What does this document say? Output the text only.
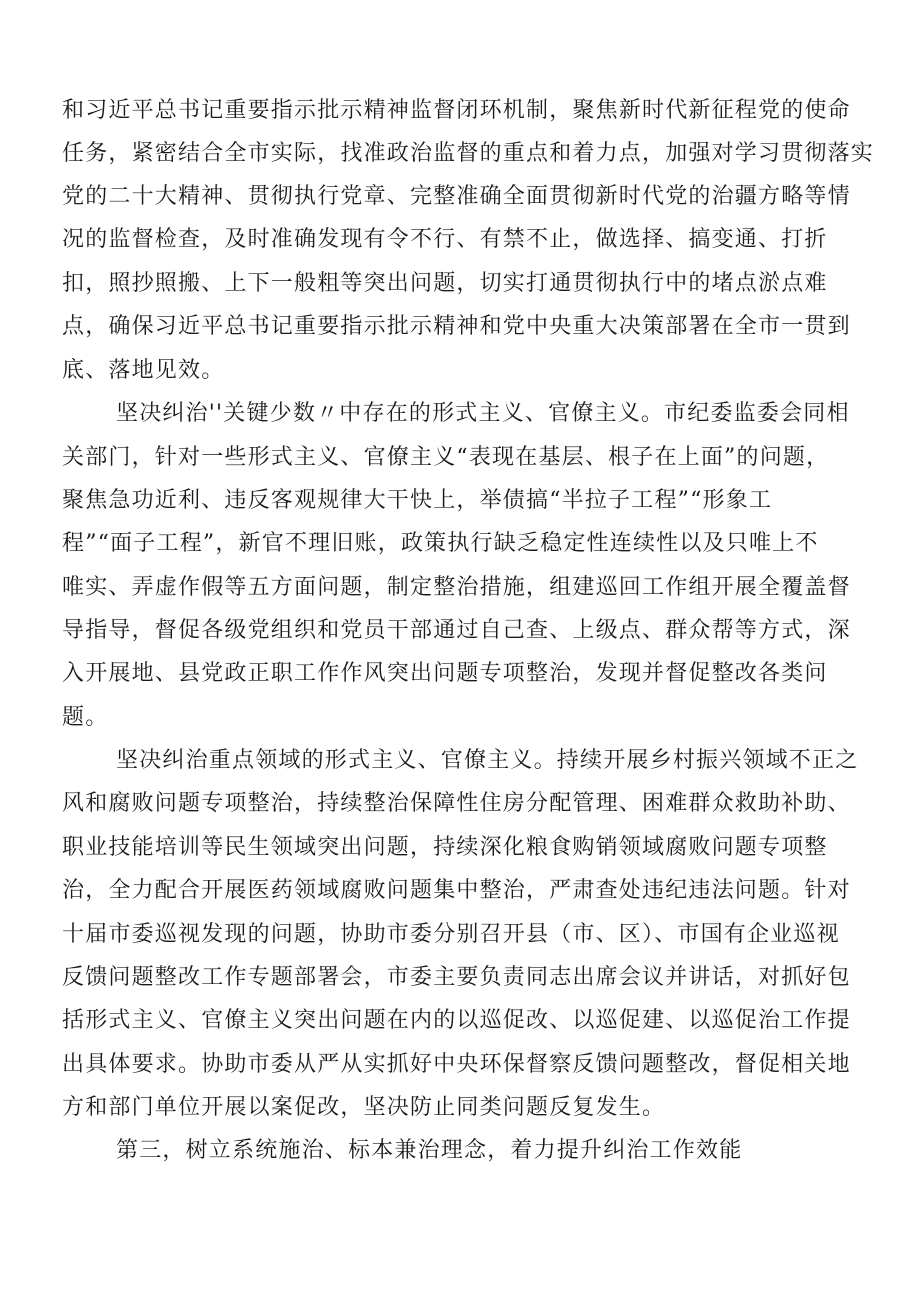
和习近平总书记重要指示批示精神监督闭环机制，聚焦新时代新征程党的使命
任务，紧密结合全市实际，找准政治监督的重点和着力点，加强对学习贯彻落实
党的二十大精神、贯彻执行党章、完整准确全面贯彻新时代党的治疆方略等情
况的监督检查，及时准确发现有令不行、有禁不止，做选择、搞变通、打折
扣，照抄照搬、上下一般粗等突出问题，切实打通贯彻执行中的堵点淤点难
点，确保习近平总书记重要指示批示精神和党中央重大决策部署在全市一贯到
底、落地见效。
坚决纠治''关键少数〃中存在的形式主义、官僚主义。市纪委监委会同相
关部门，针对一些形式主义、官僚主义“表现在基层、根子在上面”的问题，
聚焦急功近利、违反客观规律大干快上，举债搞“半拉子工程”“形象工
程”“面子工程”，新官不理旧账，政策执行缺乏稳定性连续性以及只唯上不
唯实、弄虚作假等五方面问题，制定整治措施，组建巡回工作组开展全覆盖督
导指导，督促各级党组织和党员干部通过自己查、上级点、群众帮等方式，深
入开展地、县党政正职工作作风突出问题专项整治，发现并督促整改各类问
题。
坚决纠治重点领域的形式主义、官僚主义。持续开展乡村振兴领域不正之
风和腐败问题专项整治，持续整治保障性住房分配管理、困难群众救助补助、
职业技能培训等民生领域突出问题，持续深化粮食购销领域腐败问题专项整
治，全力配合开展医药领域腐败问题集中整治，严肃查处违纪违法问题。针对
十届市委巡视发现的问题，协助市委分别召开县（市、区）、市国有企业巡视
反馈问题整改工作专题部署会，市委主要负责同志出席会议并讲话，对抓好包
括形式主义、官僚主义突出问题在内的以巡促改、以巡促建、以巡促治工作提
出具体要求。协助市委从严从实抓好中央环保督察反馈问题整改，督促相关地
方和部门单位开展以案促改，坚决防止同类问题反复发生。
第三，树立系统施治、标本兼治理念，着力提升纠治工作效能
